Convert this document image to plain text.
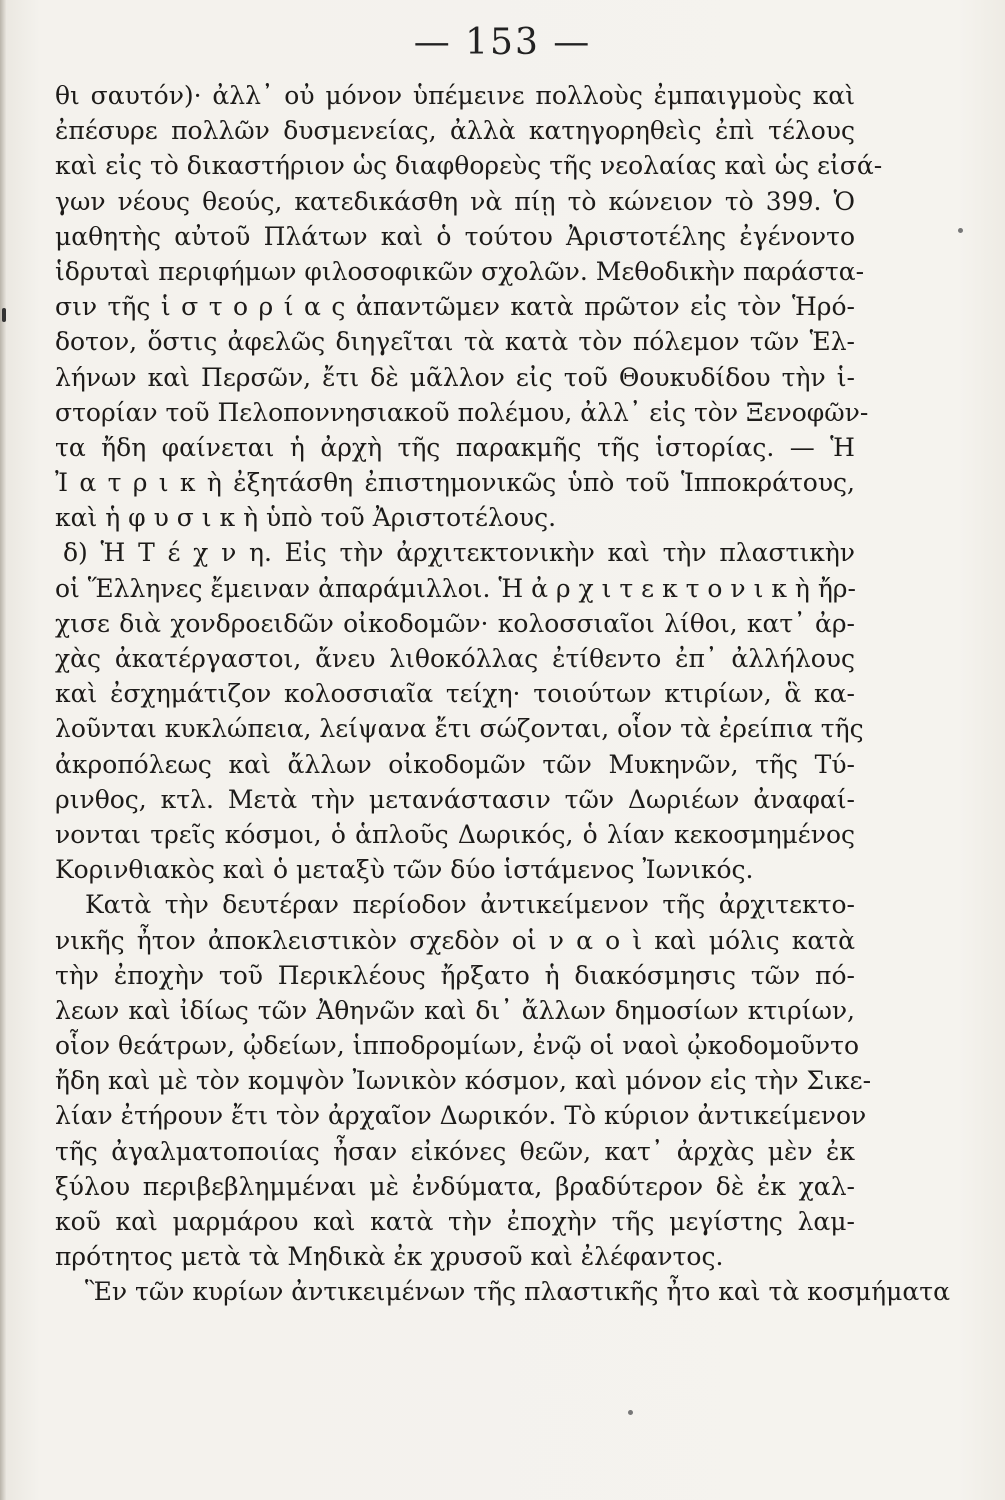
— 153 —
θι σαυτόν)· ἀλλ᾽ οὐ μόνον ὑπέμεινε πολλοὺς ἐμπαιγμοὺς καὶ
ἐπέσυρε πολλῶν δυσμενείας, ἀλλὰ κατηγορηθεὶς ἐπὶ τέλους
καὶ εἰς τὸ δικαστήριον ὡς διαφθορεὺς τῆς νεολαίας καὶ ὡς εἰσά-
γων νέους θεούς, κατεδικάσθη νὰ πίῃ τὸ κώνειον τὸ 399. Ὁ
μαθητὴς αὐτοῦ Πλάτων καὶ ὁ τούτου Ἀριστοτέλης ἐγένοντο
ἱδρυταὶ περιφήμων φιλοσοφικῶν σχολῶν. Μεθοδικὴν παράστα-
σιν τῆς ἱ σ τ ο ρ ί α ς ἀπαντῶμεν κατὰ πρῶτον εἰς τὸν Ἡρό-
δοτον, ὅστις ἀφελῶς διηγεῖται τὰ κατὰ τὸν πόλεμον τῶν Ἑλ-
λήνων καὶ Περσῶν, ἔτι δὲ μᾶλλον εἰς τοῦ Θουκυδίδου τὴν ἱ-
στορίαν τοῦ Πελοποννησιακοῦ πολέμου, ἀλλ᾽ εἰς τὸν Ξενοφῶν-
τα ἤδη φαίνεται ἡ ἀρχὴ τῆς παρακμῆς τῆς ἱστορίας. — Ἡ
Ἰ α τ ρ ι κ ὴ ἐξητάσθη ἐπιστημονικῶς ὑπὸ τοῦ Ἱπποκράτους,
καὶ ἡ φ υ σ ι κ ὴ ὑπὸ τοῦ Ἀριστοτέλους.
δ) Ἡ Τ έ χ ν η. Εἰς τὴν ἀρχιτεκτονικὴν καὶ τὴν πλαστικὴν
οἱ Ἕλληνες ἔμειναν ἀπαράμιλλοι. Ἡ ἀ ρ χ ι τ ε κ τ ο ν ι κ ὴ ἤρ-
χισε διὰ χονδροειδῶν οἰκοδομῶν· κολοσσιαῖοι λίθοι, κατ᾽ ἀρ-
χὰς ἀκατέργαστοι, ἄνευ λιθοκόλλας ἐτίθεντο ἐπ᾽ ἀλλήλους
καὶ ἐσχημάτιζον κολοσσιαῖα τείχη· τοιούτων κτιρίων, ἃ κα-
λοῦνται κυκλώπεια, λείψανα ἔτι σώζονται, οἷον τὰ ἐρείπια τῆς
ἀκροπόλεως καὶ ἄλλων οἰκοδομῶν τῶν Μυκηνῶν, τῆς Τύ-
ρινθος, κτλ. Μετὰ τὴν μετανάστασιν τῶν Δωριέων ἀναφαί-
νονται τρεῖς κόσμοι, ὁ ἁπλοῦς Δωρικός, ὁ λίαν κεκοσμημένος
Κορινθιακὸς καὶ ὁ μεταξὺ τῶν δύο ἱστάμενος Ἰωνικός.
Κατὰ τὴν δευτέραν περίοδον ἀντικείμενον τῆς ἀρχιτεκτο-
νικῆς ἦτον ἀποκλειστικὸν σχεδὸν οἱ ν α ο ὶ καὶ μόλις κατὰ
τὴν ἐποχὴν τοῦ Περικλέους ἤρξατο ἡ διακόσμησις τῶν πό-
λεων καὶ ἰδίως τῶν Ἀθηνῶν καὶ δι᾽ ἄλλων δημοσίων κτιρίων,
οἷον θεάτρων, ᾠδείων, ἱπποδρομίων, ἐνῷ οἱ ναοὶ ᾠκοδομοῦντο
ἤδη καὶ μὲ τὸν κομψὸν Ἰωνικὸν κόσμον, καὶ μόνον εἰς τὴν Σικε-
λίαν ἐτήρουν ἔτι τὸν ἀρχαῖον Δωρικόν. Τὸ κύριον ἀντικείμενον
τῆς ἀγαλματοποιίας ἦσαν εἰκόνες θεῶν, κατ᾽ ἀρχὰς μὲν ἐκ
ξύλου περιβεβλημμέναι μὲ ἐνδύματα, βραδύτερον δὲ ἐκ χαλ-
κοῦ καὶ μαρμάρου καὶ κατὰ τὴν ἐποχὴν τῆς μεγίστης λαμ-
πρότητος μετὰ τὰ Μηδικὰ ἐκ χρυσοῦ καὶ ἐλέφαντος.
Ἓν τῶν κυρίων ἀντικειμένων τῆς πλαστικῆς ἦτο καὶ τὰ κοσμήματα
